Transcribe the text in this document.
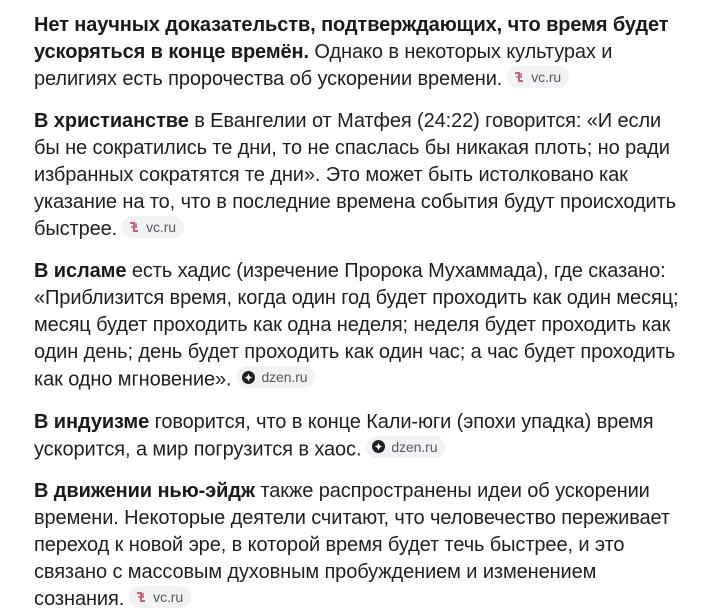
Нет научных доказательств, подтверждающих, что время будет ускоряться в конце времён. Однако в некоторых культурах и религиях есть пророчества об ускорении времени. vc.ru

В христианстве в Евангелии от Матфея (24:22) говорится: «И если бы не сократились те дни, то не спаслась бы никакая плоть; но ради избранных сократятся те дни». Это может быть истолковано как указание на то, что в последние времена события будут происходить быстрее. vc.ru

В исламе есть хадис (изречение Пророка Мухаммада), где сказано: «Приблизится время, когда один год будет проходить как один месяц; месяц будет проходить как одна неделя; неделя будет проходить как один день; день будет проходить как один час; а час будет проходить как одно мгновение». dzen.ru

В индуизме говорится, что в конце Кали-юги (эпохи упадка) время ускорится, а мир погрузится в хаос. dzen.ru

В движении нью-эйдж также распространены идеи об ускорении времени. Некоторые деятели считают, что человечество переживает переход к новой эре, в которой время будет течь быстрее, и это связано с массовым духовным пробуждением и изменением сознания. vc.ru
